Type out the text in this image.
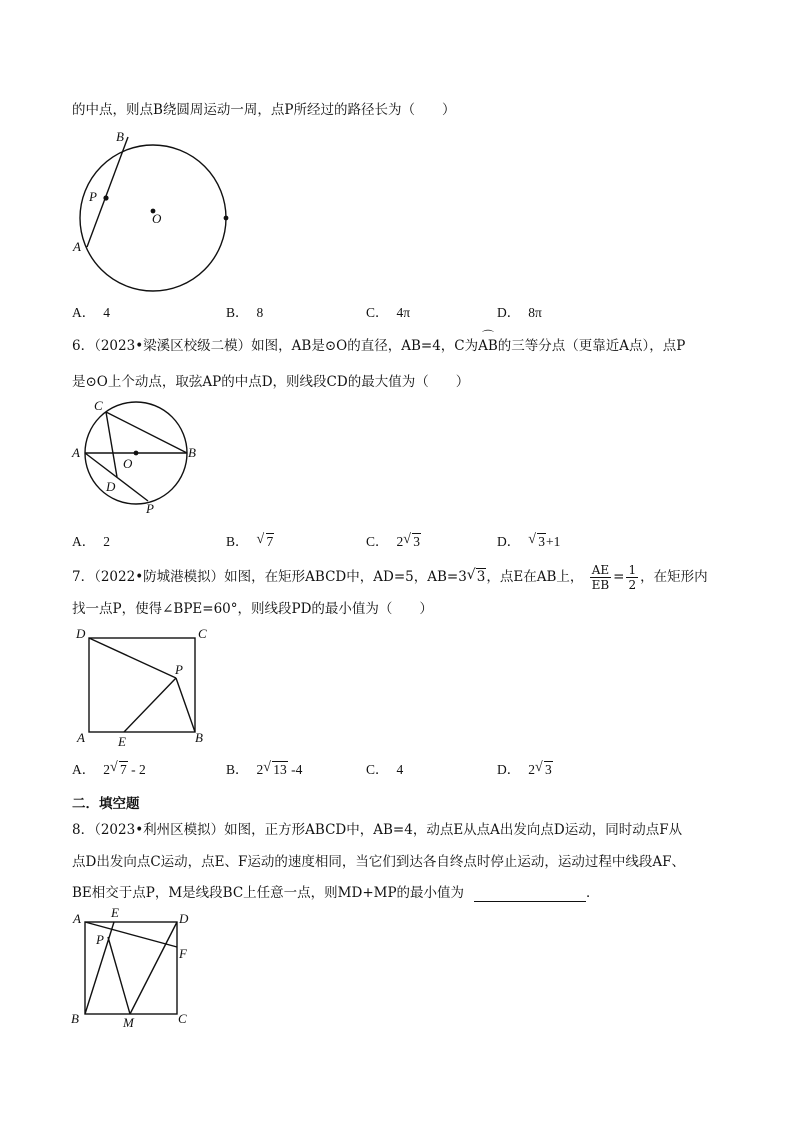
的中点，则点B绕圆周运动一周，点P所经过的路径长为（　　）
B
P
O
A
A． 4	B． 8	C． 4π	D． 8π
6．（2023•梁溪区校级二模）如图，AB是⊙O的直径，AB=4，C为⌒ AB的三等分点（更靠近A点），点P
是⊙O上个动点，取弦AP的中点D，则线段CD的最大值为（　　）
C
A	B
O
D
P
A． 2	B． √ 7	C． 2 √ 3	D． √ 3+1
7．（2022•防城港模拟）如图，在矩形ABCD中，AD=5，AB=3 √ 3，点E在AB上， $\frac{AE}{EB} = \frac{1}{2}$ ，在矩形内
找一点P，使得∠BPE=60°，则线段PD的最小值为（　　）
D	C
P
A	E	B
A． 2 √ 7 - 2	B． 2 √ 13 -4	C． 4	D． 2 √ 3
二．填空题
8．（2023•利州区模拟）如图，正方形ABCD中，AB=4，动点E从点A出发向点D运动，同时动点F从
点D出发向点C运动，点E、F运动的速度相同，当它们到达各自终点时停止运动，运动过程中线段AF、
BE相交于点P，M是线段BC上任意一点，则MD+MP的最小值为	．
A E	D
P
F
B	M	C
